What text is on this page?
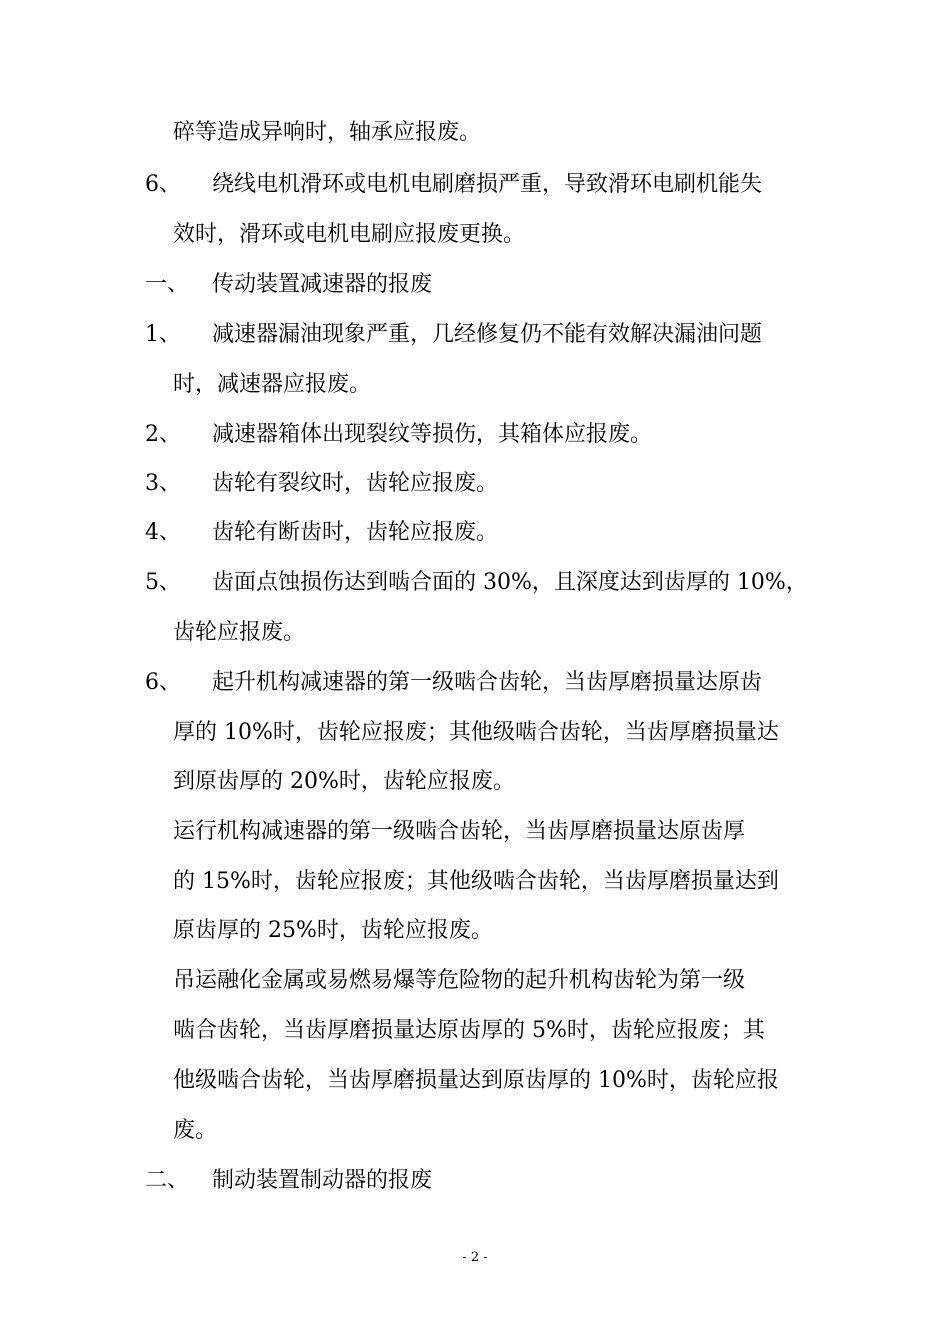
碎等造成异响时，轴承应报废。
6、 绕线电机滑环或电机电刷磨损严重，导致滑环电刷机能失
效时，滑环或电机电刷应报废更换。
一、 传动装置减速器的报废
1、 减速器漏油现象严重，几经修复仍不能有效解决漏油问题
时，减速器应报废。
2、 减速器箱体出现裂纹等损伤，其箱体应报废。
3、 齿轮有裂纹时，齿轮应报废。
4、 齿轮有断齿时，齿轮应报废。
5、 齿面点蚀损伤达到啮合面的 30%，且深度达到齿厚的 10%，
齿轮应报废。
6、 起升机构减速器的第一级啮合齿轮，当齿厚磨损量达原齿
厚的 10%时，齿轮应报废；其他级啮合齿轮，当齿厚磨损量达
到原齿厚的 20%时，齿轮应报废。
运行机构减速器的第一级啮合齿轮，当齿厚磨损量达原齿厚
的 15%时，齿轮应报废；其他级啮合齿轮，当齿厚磨损量达到
原齿厚的 25%时，齿轮应报废。
吊运融化金属或易燃易爆等危险物的起升机构齿轮为第一级
啮合齿轮，当齿厚磨损量达原齿厚的 5%时，齿轮应报废；其
他级啮合齿轮，当齿厚磨损量达到原齿厚的 10%时，齿轮应报
废。
二、 制动装置制动器的报废
- 2 -
